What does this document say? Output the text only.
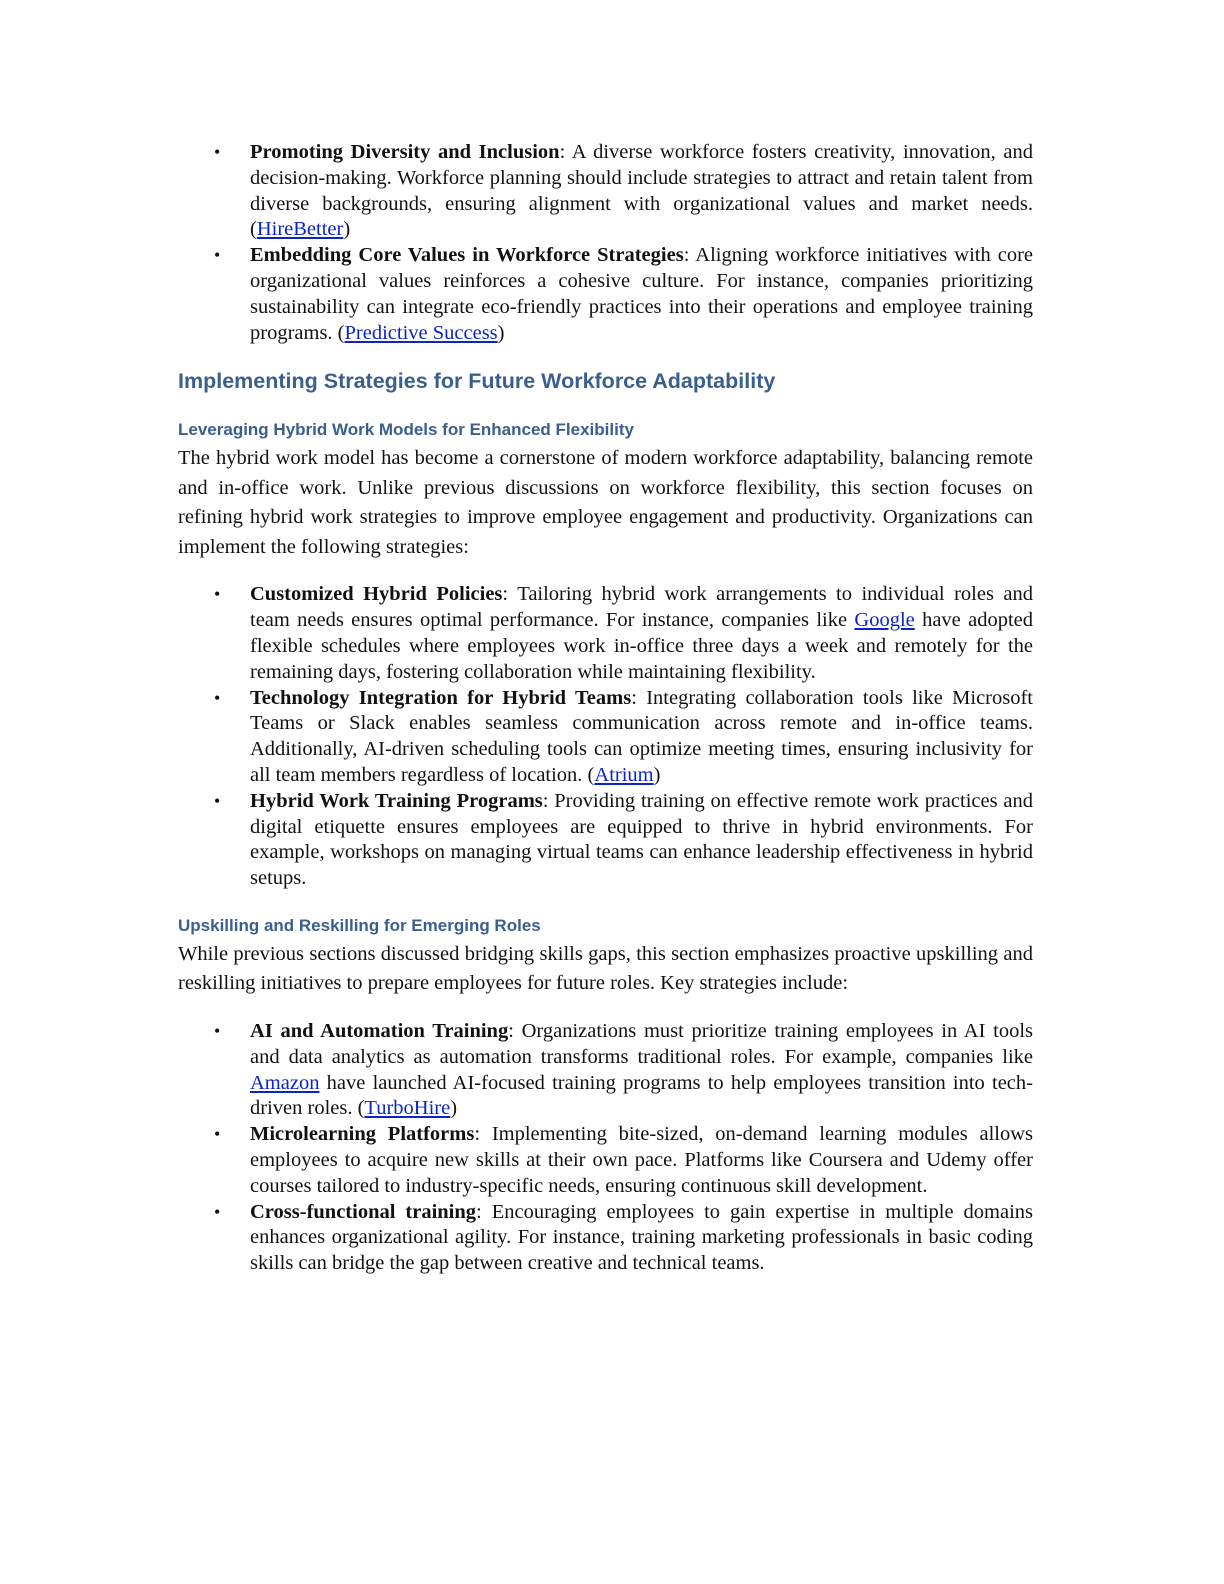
• Promoting Diversity and Inclusion: A diverse workforce fosters creativity, innovation, and decision-making. Workforce planning should include strategies to attract and retain talent from diverse backgrounds, ensuring alignment with organizational values and market needs. (HireBetter)
• Embedding Core Values in Workforce Strategies: Aligning workforce initiatives with core organizational values reinforces a cohesive culture. For instance, companies prioritizing sustainability can integrate eco-friendly practices into their operations and employee training programs. (Predictive Success)
Implementing Strategies for Future Workforce Adaptability
Leveraging Hybrid Work Models for Enhanced Flexibility

The hybrid work model has become a cornerstone of modern workforce adaptability, balancing remote and in-office work. Unlike previous discussions on workforce flexibility, this section focuses on refining hybrid work strategies to improve employee engagement and productivity. Organizations can implement the following strategies:

• Customized Hybrid Policies: Tailoring hybrid work arrangements to individual roles and team needs ensures optimal performance. For instance, companies like Google have adopted flexible schedules where employees work in-office three days a week and remotely for the remaining days, fostering collaboration while maintaining flexibility.
• Technology Integration for Hybrid Teams: Integrating collaboration tools like Microsoft Teams or Slack enables seamless communication across remote and in-office teams. Additionally, AI-driven scheduling tools can optimize meeting times, ensuring inclusivity for all team members regardless of location. (Atrium)
• Hybrid Work Training Programs: Providing training on effective remote work practices and digital etiquette ensures employees are equipped to thrive in hybrid environments. For example, workshops on managing virtual teams can enhance leadership effectiveness in hybrid setups.
Upskilling and Reskilling for Emerging Roles

While previous sections discussed bridging skills gaps, this section emphasizes proactive upskilling and reskilling initiatives to prepare employees for future roles. Key strategies include:

• AI and Automation Training: Organizations must prioritize training employees in AI tools and data analytics as automation transforms traditional roles. For example, companies like Amazon have launched AI-focused training programs to help employees transition into tech-driven roles. (TurboHire)
• Microlearning Platforms: Implementing bite-sized, on-demand learning modules allows employees to acquire new skills at their own pace. Platforms like Coursera and Udemy offer courses tailored to industry-specific needs, ensuring continuous skill development.
• Cross-functional training: Encouraging employees to gain expertise in multiple domains enhances organizational agility. For instance, training marketing professionals in basic coding skills can bridge the gap between creative and technical teams.
